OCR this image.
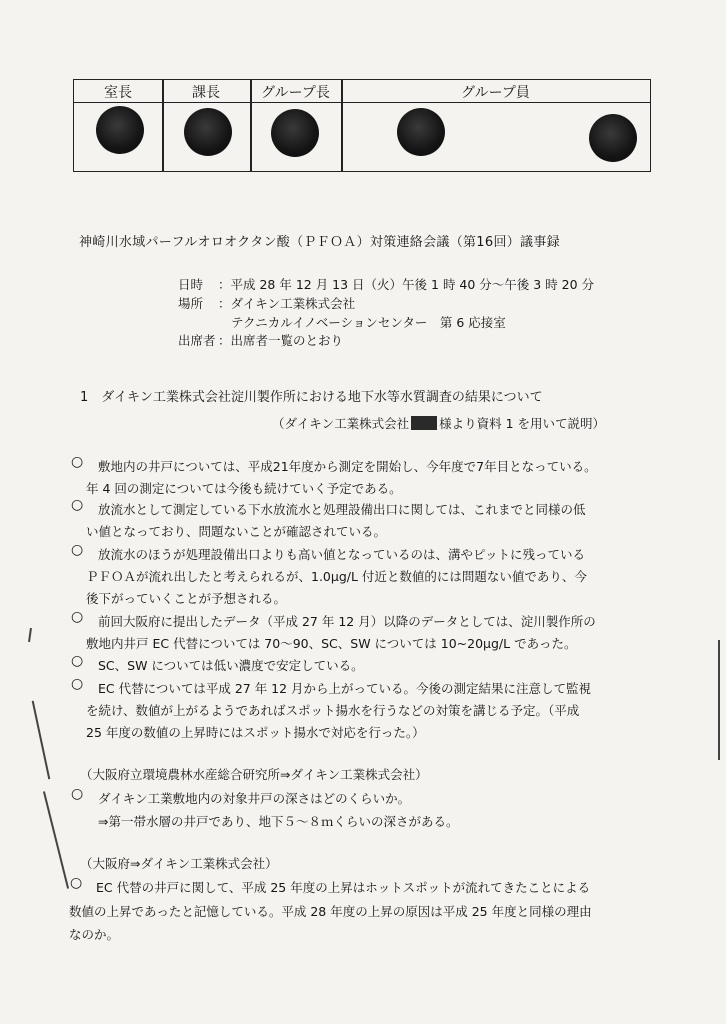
室長	課長	グループ長	グループ員
神崎川水域パーフルオロオクタン酸（ＰＦＯＡ）対策連絡会議（第16回）議事録
日時 ：平成 28 年 12 月 13 日（火）午後 1 時 40 分～午後 3 時 20 分
場所 ：ダイキン工業株式会社
テクニカルイノベーションセンター　第 6 応接室
出席者 ：出席者一覧のとおり
1　ダイキン工業株式会社淀川製作所における地下水等水質調査の結果について
（ダイキン工業株式会社 様より資料 1 を用いて説明）
○ 敷地内の井戸については、平成21年度から測定を開始し、今年度で7年目となっている。
年 4 回の測定については今後も続けていく予定である。
○ 放流水として測定している下水放流水と処理設備出口に関しては、これまでと同様の低
い値となっており、問題ないことが確認されている。
○ 放流水のほうが処理設備出口よりも高い値となっているのは、溝やピットに残っている
ＰＦＯＡが流れ出したと考えられるが、1.0μg/L 付近と数値的には問題ない値であり、今
後下がっていくことが予想される。
○ 前回大阪府に提出したデータ（平成 27 年 12 月）以降のデータとしては、淀川製作所の
敷地内井戸 EC 代替については 70～90、SC、SW については 10~20μg/L であった。
○ SC、SW については低い濃度で安定している。
○ EC 代替については平成 27 年 12 月から上がっている。今後の測定結果に注意して監視
を続け、数値が上がるようであればスポット揚水を行うなどの対策を講じる予定。（平成
25 年度の数値の上昇時にはスポット揚水で対応を行った。）
（大阪府立環境農林水産総合研究所⇒ダイキン工業株式会社）
○ ダイキン工業敷地内の対象井戸の深さはどのくらいか。
⇒第一帯水層の井戸であり、地下５～８ｍくらいの深さがある。
（大阪府⇒ダイキン工業株式会社）
○ EC 代替の井戸に関して、平成 25 年度の上昇はホットスポットが流れてきたことによる
数値の上昇であったと記憶している。平成 28 年度の上昇の原因は平成 25 年度と同様の理由
なのか。
